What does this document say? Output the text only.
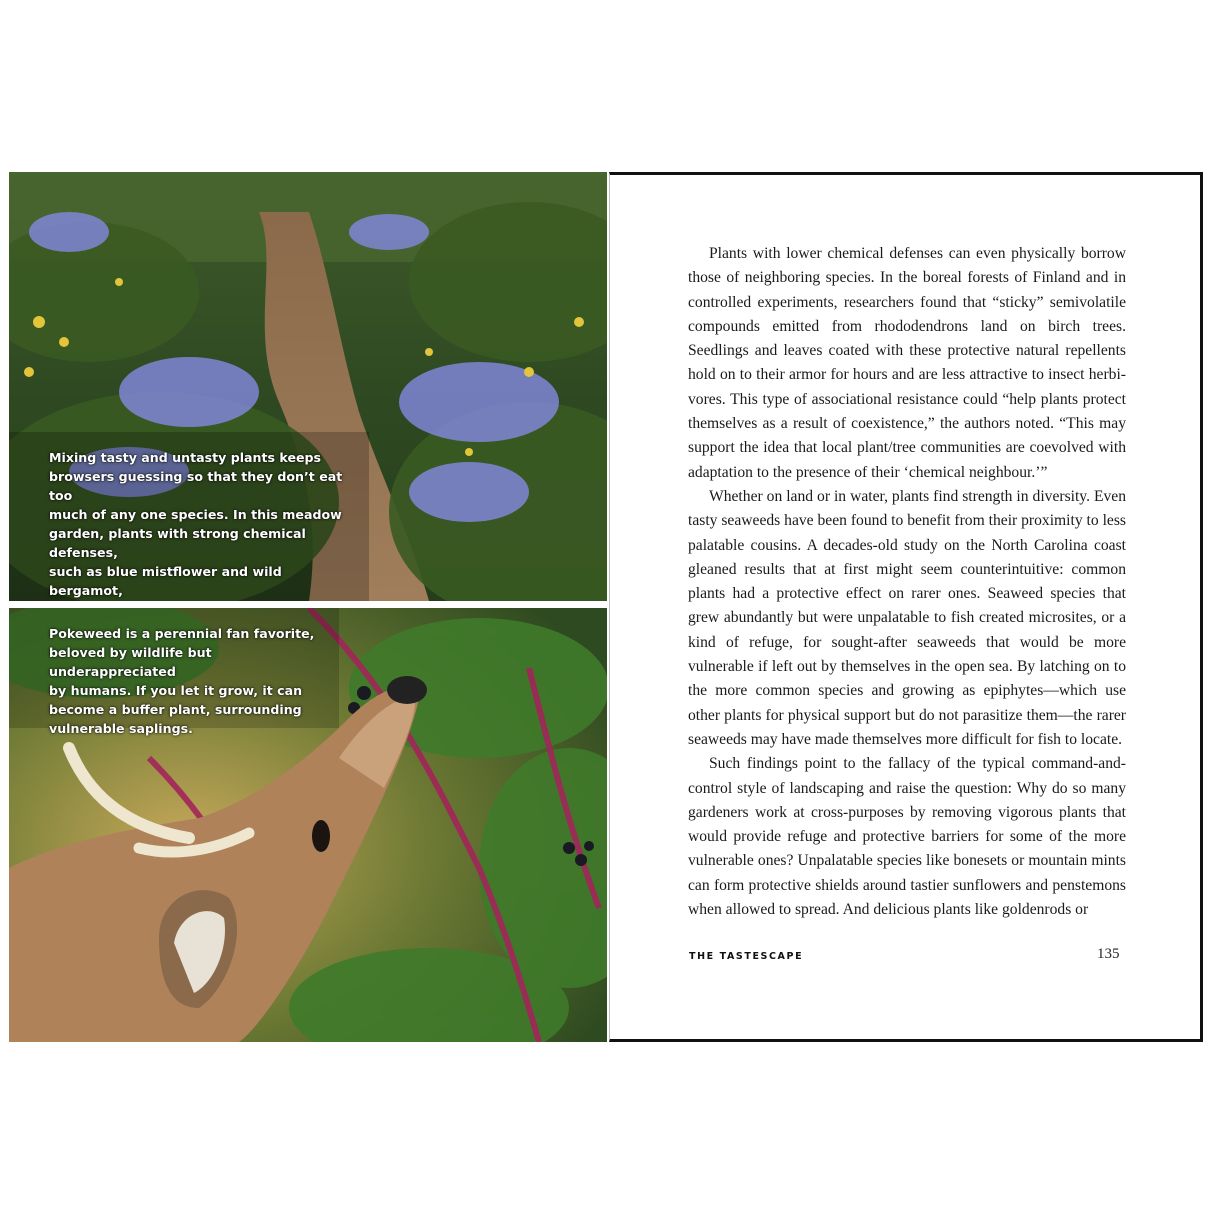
Mixing tasty and untasty plants keeps
browsers guessing so that they don’t eat too
much of any one species. In this meadow
garden, plants with strong chemical defenses,
such as blue mistflower and wild bergamot,

Pokeweed is a perennial fan favorite,
beloved by wildlife but underappreciated
by humans. If you let it grow, it can
become a buffer plant, surrounding
vulnerable saplings.

Plants with lower chemical defenses can even physically borrow those of neighboring species. In the boreal forests of Finland and in controlled experiments, researchers found that “sticky” semivolatile compounds emitted from rhododendrons land on birch trees. Seedlings and leaves coated with these protective natural repellents hold on to their armor for hours and are less attractive to insect herbivores. This type of associational resistance could “help plants protect themselves as a result of coexistence,” the authors noted. “This may support the idea that local plant/tree communities are coevolved with adaptation to the presence of their ‘chemical neighbour.’”

Whether on land or in water, plants find strength in diversity. Even tasty seaweeds have been found to benefit from their proximity to less palatable cousins. A decades-old study on the North Carolina coast gleaned results that at first might seem counterintuitive: common plants had a protective effect on rarer ones. Seaweed species that grew abundantly but were unpalatable to fish created microsites, or a kind of refuge, for sought-after seaweeds that would be more vulnerable if left out by themselves in the open sea. By latching on to the more common species and growing as epiphytes—which use other plants for physical support but do not parasitize them—the rarer seaweeds may have made themselves more difficult for fish to locate.

Such findings point to the fallacy of the typical command-and-control style of landscaping and raise the question: Why do so many gardeners work at cross-purposes by removing vigorous plants that would provide refuge and protective barriers for some of the more vulnerable ones? Unpalatable species like bonesets or mountain mints can form protective shields around tastier sunflowers and penstemons when allowed to spread. And delicious plants like goldenrods or

THE TASTESCAPE	135
